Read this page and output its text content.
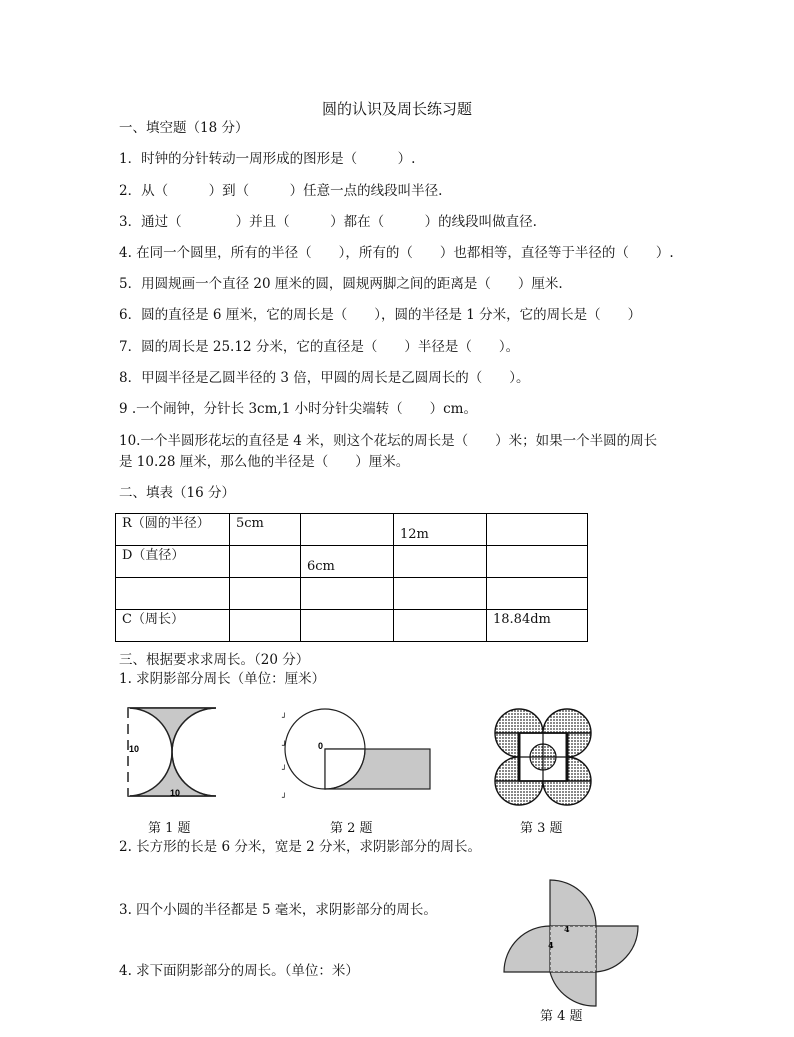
圆的认识及周长练习题
一、填空题（18 分）
1．时钟的分针转动一周形成的图形是（　　　）.
2．从（　　　）到（　　　）任意一点的线段叫半径.
3．通过（　　　　）并且（　　　）都在（　　　）的线段叫做直径.
4. 在同一个圆里，所有的半径（　　），所有的（　　）也都相等，直径等于半径的（　　）.
5．用圆规画一个直径 20 厘米的圆，圆规两脚之间的距离是（　　）厘米.
6．圆的直径是 6 厘米，它的周长是（　　），圆的半径是 1 分米，它的周长是（　　）
7．圆的周长是 25.12 分米，它的直径是（　　）半径是（　　）。
8．甲圆半径是乙圆半径的 3 倍，甲圆的周长是乙圆周长的（　　）。
9 .一个闹钟，分针长 3cm,1 小时分针尖端转（　　）cm。
10.一个半圆形花坛的直径是 4 米，则这个花坛的周长是（　　）米；如果一个半圆的周长
是 10.28 厘米，那么他的半径是（　　）厘米。
二、填表（16 分）
R（圆的半径）	5cm		12m	
D（直径）		6cm		

C（周长）				18.84dm
三、根据要求求周长。（20 分）
1. 求阴影部分周长（单位：厘米）
10
10
0
┘
┘
┘
┘
第 1 题	第 2 题	第 3 题
2. 长方形的长是 6 分米，宽是 2 分米，求阴影部分的周长。
3. 四个小圆的半径都是 5 毫米，求阴影部分的周长。
4. 求下面阴影部分的周长。（单位：米）
4
4
第 4 题
